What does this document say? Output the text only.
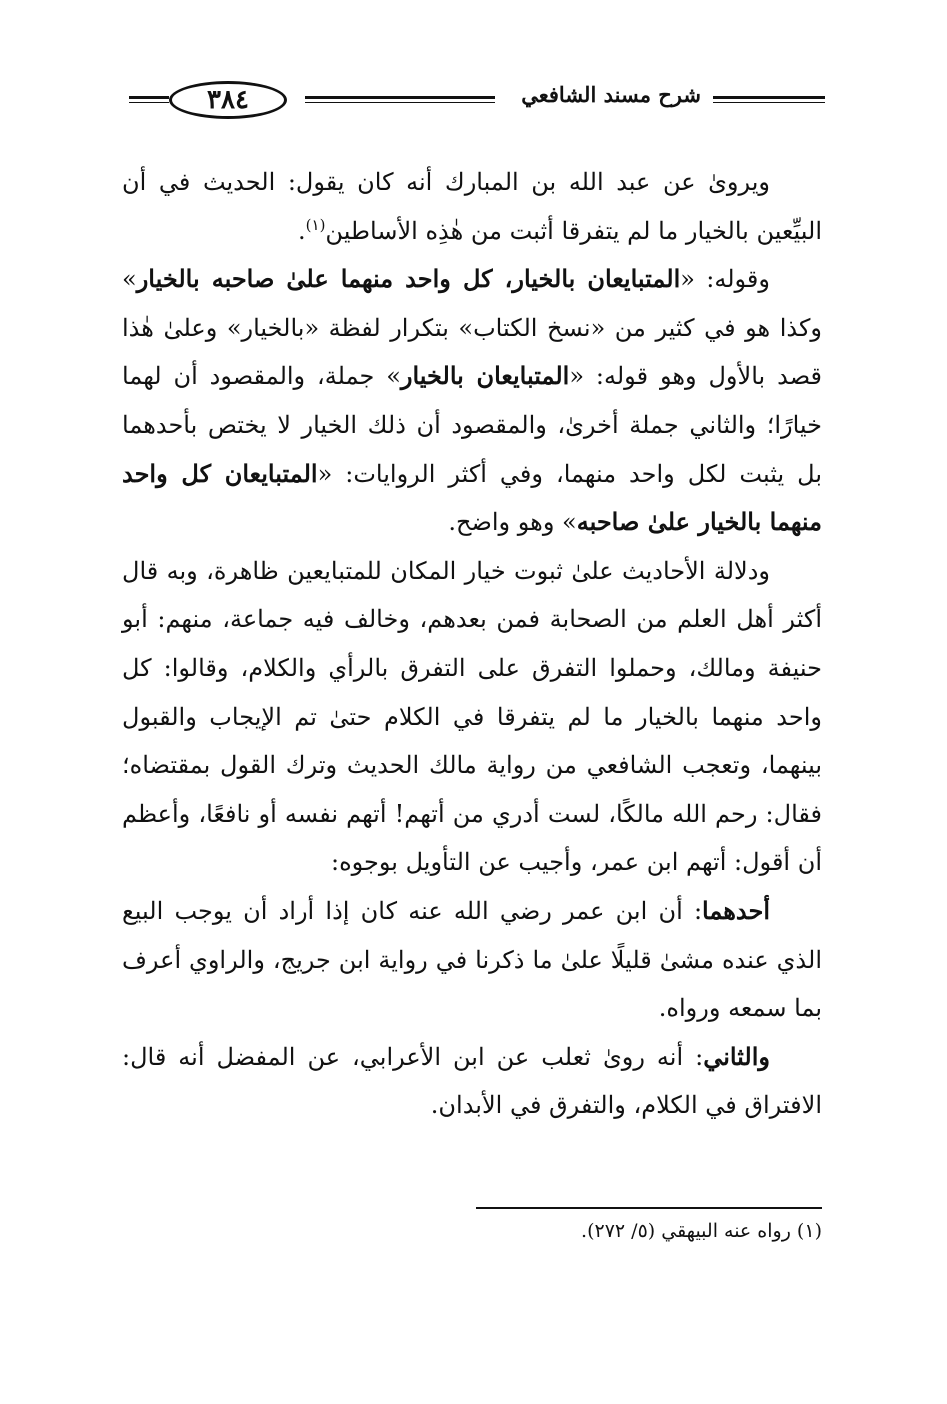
شرح مسند الشافعي
٣٨٤

ويروىٰ عن عبد الله بن المبارك أنه كان يقول: الحديث في أن البيِّعين بالخيار ما لم يتفرقا أثبت من هٰذِه الأساطين$^{(١)}$.

وقوله: «المتبايعان بالخيار، كل واحد منهما علىٰ صاحبه بالخيار» وكذا هو في كثير من «نسخ الكتاب» بتكرار لفظة «بالخيار» وعلىٰ هٰذا قصد بالأول وهو قوله: «المتبايعان بالخيار» جملة، والمقصود أن لهما خيارًا؛ والثاني جملة أخرىٰ، والمقصود أن ذلك الخيار لا يختص بأحدهما بل يثبت لكل واحد منهما، وفي أكثر الروايات: «المتبايعان كل واحد منهما بالخيار علىٰ صاحبه» وهو واضح.

ودلالة الأحاديث علىٰ ثبوت خيار المكان للمتبايعين ظاهرة، وبه قال أكثر أهل العلم من الصحابة فمن بعدهم، وخالف فيه جماعة، منهم: أبو حنيفة ومالك، وحملوا التفرق على التفرق بالرأي والكلام، وقالوا: كل واحد منهما بالخيار ما لم يتفرقا في الكلام حتىٰ تم الإيجاب والقبول بينهما، وتعجب الشافعي من رواية مالك الحديث وترك القول بمقتضاه؛ فقال: رحم الله مالكًا، لست أدري من أتهم! أتهم نفسه أو نافعًا، وأعظم أن أقول: أتهم ابن عمر، وأجيب عن التأويل بوجوه:

أحدهما: أن ابن عمر رضي الله عنه كان إذا أراد أن يوجب البيع الذي عنده مشىٰ قليلًا علىٰ ما ذكرنا في رواية ابن جريج، والراوي أعرف بما سمعه ورواه.

والثاني: أنه روىٰ ثعلب عن ابن الأعرابي، عن المفضل أنه قال: الافتراق في الكلام، والتفرق في الأبدان.

(١) رواه عنه البيهقي (٥/ ٢٧٢).
